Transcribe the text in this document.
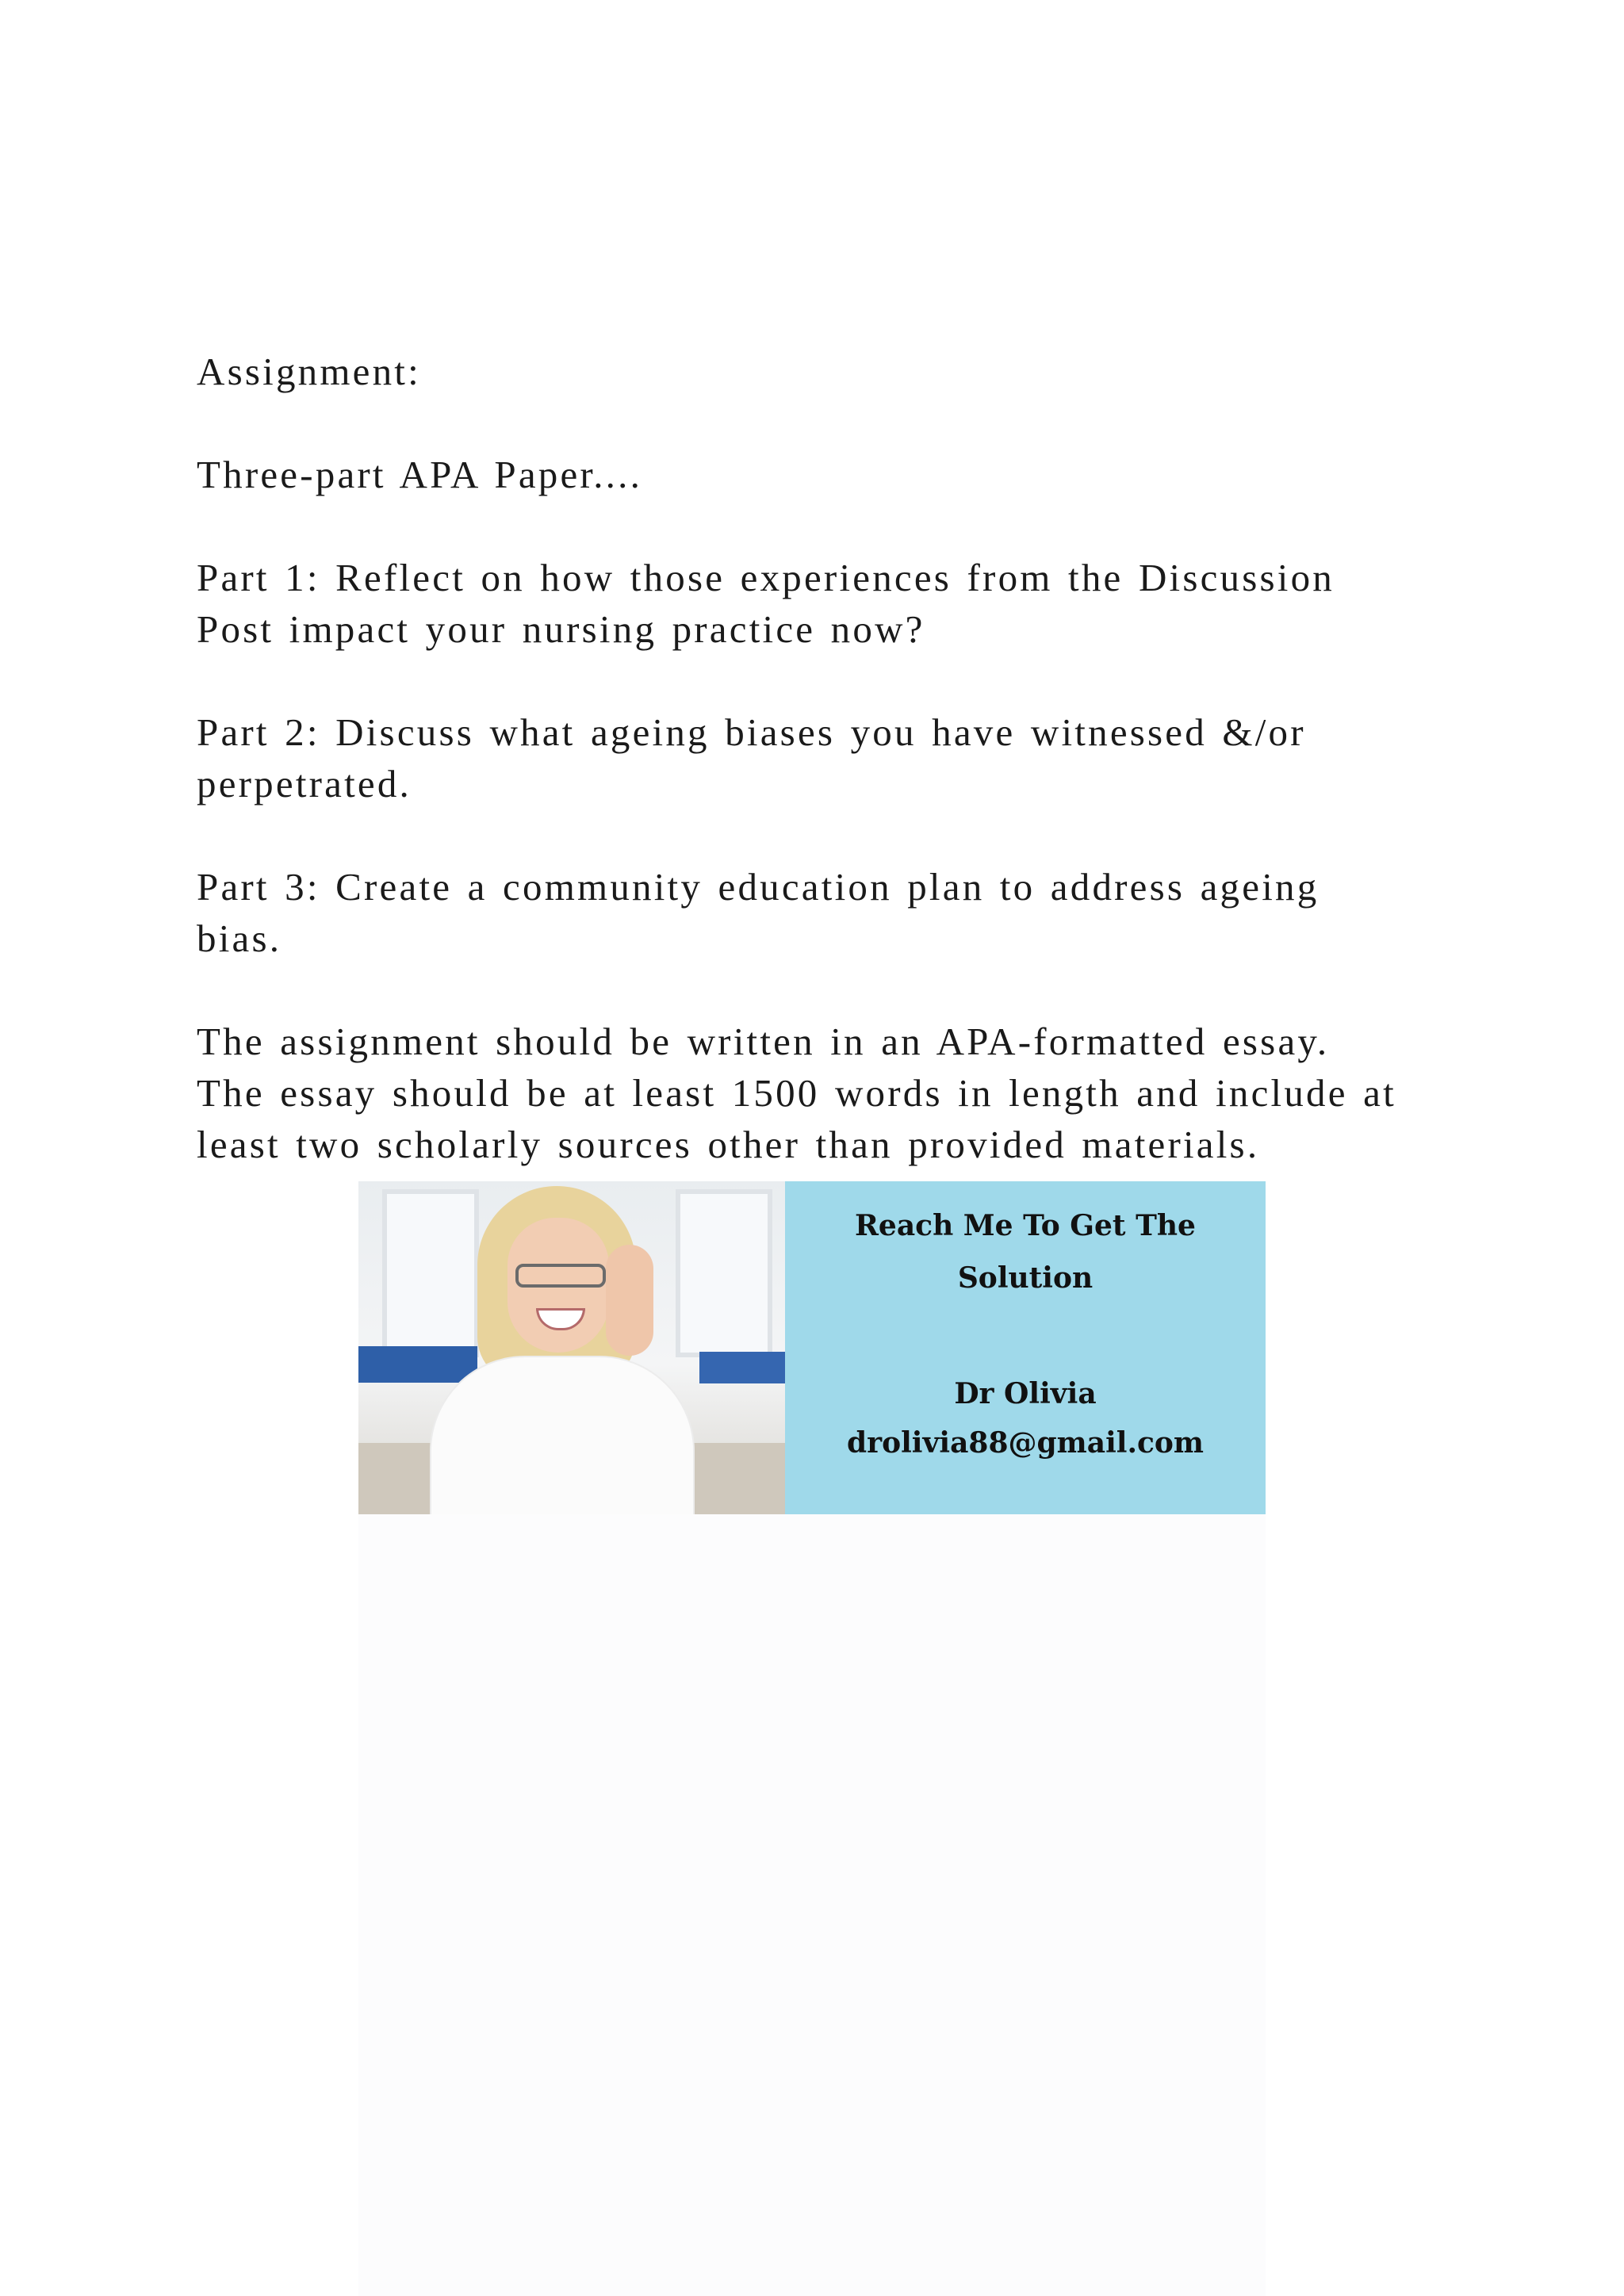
Assignment:

Three-part APA Paper....

Part 1: Reflect on how those experiences from the Discussion
Post impact your nursing practice now?

Part 2: Discuss what ageing biases you have witnessed &/or
perpetrated.

Part 3: Create a community education plan to address ageing
bias.

The assignment should be written in an APA-formatted essay.
The essay should be at least 1500 words in length and include at
least two scholarly sources other than provided materials.

Reach Me To Get The
Solution
Dr Olivia
drolivia88@gmail.com
